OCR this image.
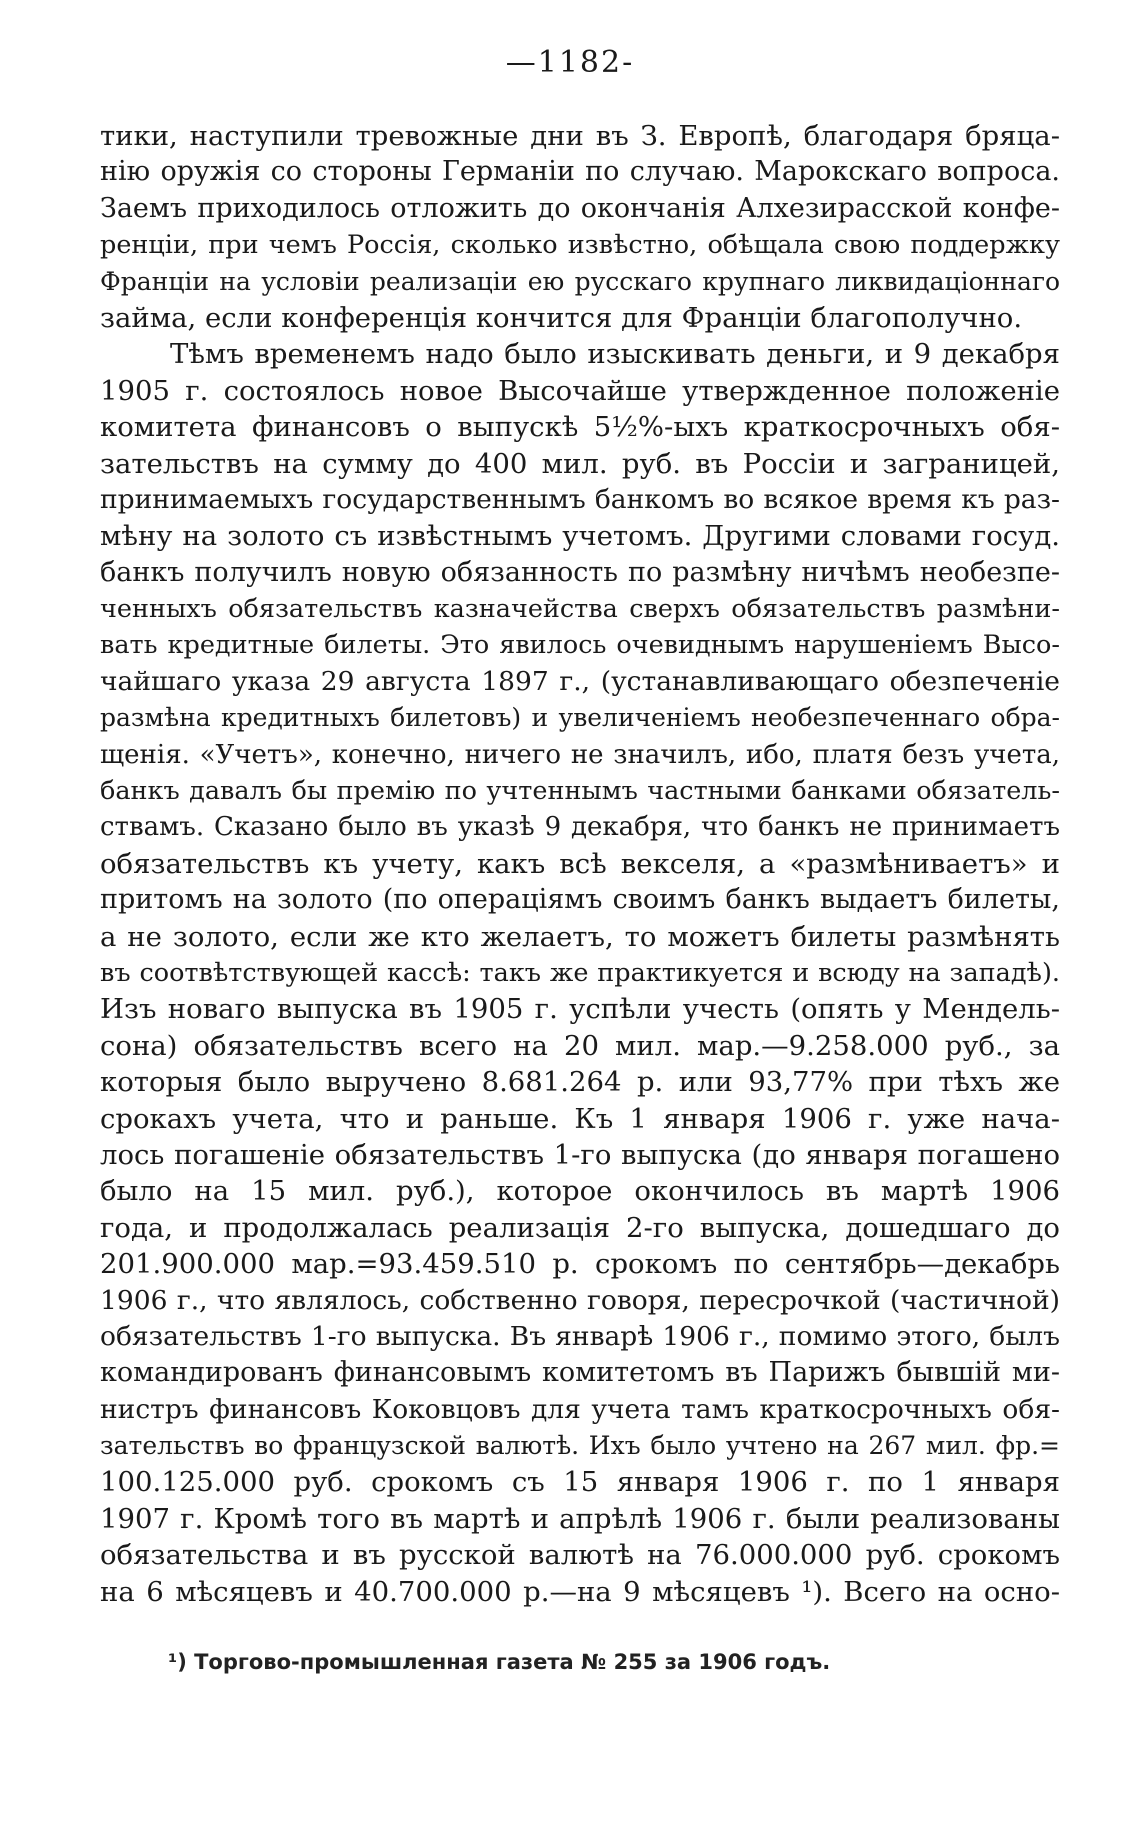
—1182-
тики, наступили тревожные дни въ З. Европѣ, благодаря бряца-
нію оружія со стороны Германіи по случаю. Марокскаго вопроса.
Заемъ приходилось отложить до окончанія Алхезирасской конфе-
ренціи, при чемъ Россія, сколько извѣстно, обѣщала свою поддержку
Франціи на условіи реализаціи ею русскаго крупнаго ликвидаціоннаго
займа, если конференція кончится для Франціи благополучно.
Тѣмъ временемъ надо было изыскивать деньги, и 9 декабря
1905 г. состоялось новое Высочайше утвержденное положеніе
комитета финансовъ о выпускѣ 5½%-ыхъ краткосрочныхъ обя-
зательствъ на сумму до 400 мил. руб. въ Россіи и заграницей,
принимаемыхъ государственнымъ банкомъ во всякое время къ раз-
мѣну на золото съ извѣстнымъ учетомъ. Другими словами госуд.
банкъ получилъ новую обязанность по размѣну ничѣмъ необезпе-
ченныхъ обязательствъ казначейства сверхъ обязательствъ размѣни-
вать кредитные билеты. Это явилось очевиднымъ нарушеніемъ Высо-
чайшаго указа 29 августа 1897 г., (устанавливающаго обезпеченіе
размѣна кредитныхъ билетовъ) и увеличеніемъ необезпеченнаго обра-
щенія. «Учетъ», конечно, ничего не значилъ, ибо, платя безъ учета,
банкъ давалъ бы премію по учтеннымъ частными банками обязатель-
ствамъ. Сказано было въ указѣ 9 декабря, что банкъ не принимаетъ
обязательствъ къ учету, какъ всѣ векселя, а «размѣниваетъ» и
притомъ на золото (по операціямъ своимъ банкъ выдаетъ билеты,
а не золото, если же кто желаетъ, то можетъ билеты размѣнять
въ соотвѣтствующей кассѣ: такъ же практикуется и всюду на западѣ).
Изъ новаго выпуска въ 1905 г. успѣли учесть (опять у Мендель-
сона) обязательствъ всего на 20 мил. мар.—9.258.000 руб., за
которыя было выручено 8.681.264 р. или 93,77% при тѣхъ же
срокахъ учета, что и раньше. Къ 1 января 1906 г. уже нача-
лось погашеніе обязательствъ 1-го выпуска (до января погашено
было на 15 мил. руб.), которое окончилось въ мартѣ 1906
года, и продолжалась реализація 2-го выпуска, дошедшаго до
201.900.000 мар.=93.459.510 р. срокомъ по сентябрь—декабрь
1906 г., что являлось, собственно говоря, пересрочкой (частичной)
обязательствъ 1-го выпуска. Въ январѣ 1906 г., помимо этого, былъ
командированъ финансовымъ комитетомъ въ Парижъ бывшій ми-
нистръ финансовъ Коковцовъ для учета тамъ краткосрочныхъ обя-
зательствъ во французской валютѣ. Ихъ было учтено на 267 мил. фр.=
100.125.000 руб. срокомъ съ 15 января 1906 г. по 1 января
1907 г. Кромѣ того въ мартѣ и апрѣлѣ 1906 г. были реализованы
обязательства и въ русской валютѣ на 76.000.000 руб. срокомъ
на 6 мѣсяцевъ и 40.700.000 р.—на 9 мѣсяцевъ ¹). Всего на осно-
¹) Торгово-промышленная газета № 255 за 1906 годъ.
